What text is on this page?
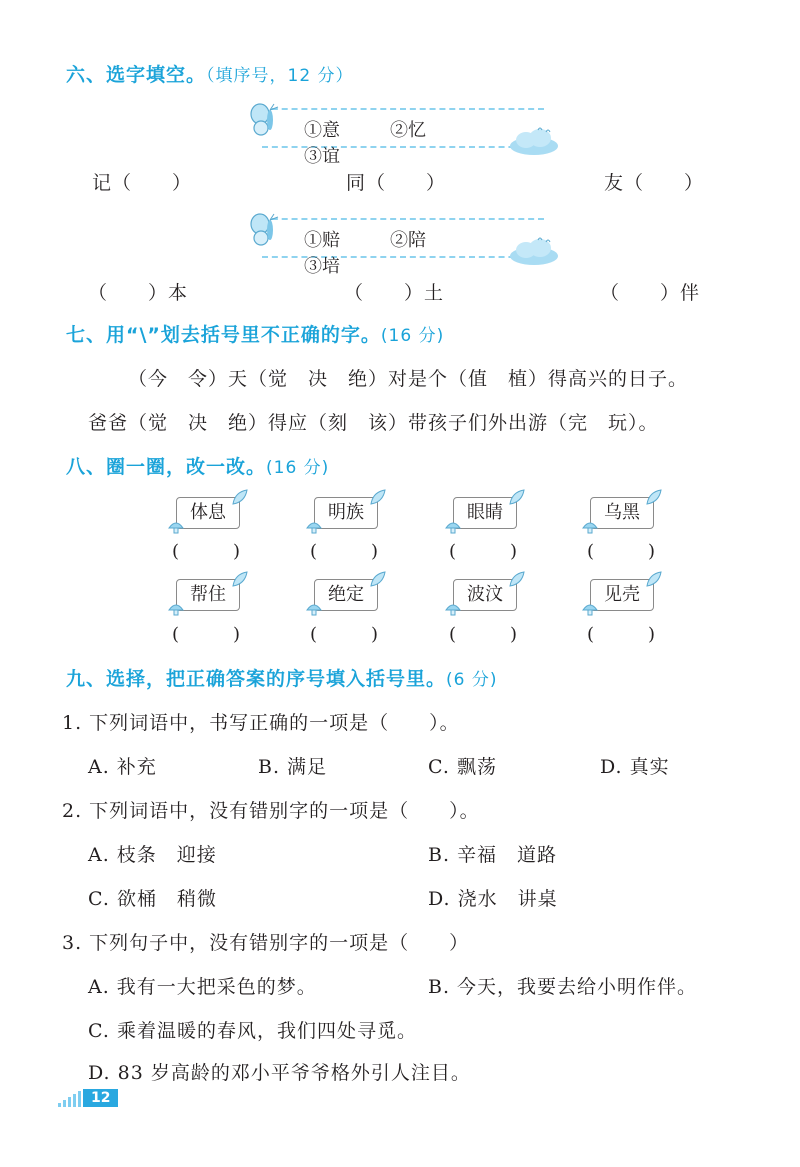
六、选字填空。（填序号，12 分）
①意	②忆③谊
记（　　）	同（　　）	友（　　）
①赔	②陪③培
（　　）本	（　　）土	（　　）伴
七、用“\”划去括号里不正确的字。(16 分)
（今　令）天（觉　决　绝）对是个（值　植）得高兴的日子。
爸爸（觉　决　绝）得应（刻　该）带孩子们外出游（完　玩）。
八、圈一圈，改一改。(16 分)
体息	明族	眼睛	乌黑
(　　　)	(　　　)	(　　　)	(　　　)
帮住	绝定	波汶	见壳
(　　　)	(　　　)	(　　　)	(　　　)
九、选择，把正确答案的序号填入括号里。(6 分)
1. 下列词语中，书写正确的一项是（　　）。
A. 补充	B. 满足	C. 飘荡	D. 真实
2. 下列词语中，没有错别字的一项是（　　）。
A. 枝条　迎接	B. 辛福　道路
C. 欲桶　稍微	D. 浇水　讲桌
3. 下列句子中，没有错别字的一项是（　　）
A. 我有一大把采色的梦。	B. 今天，我要去给小明作伴。
C. 乘着温暖的春风，我们四处寻觅。
D. 83 岁高龄的邓小平爷爷格外引人注目。
12
